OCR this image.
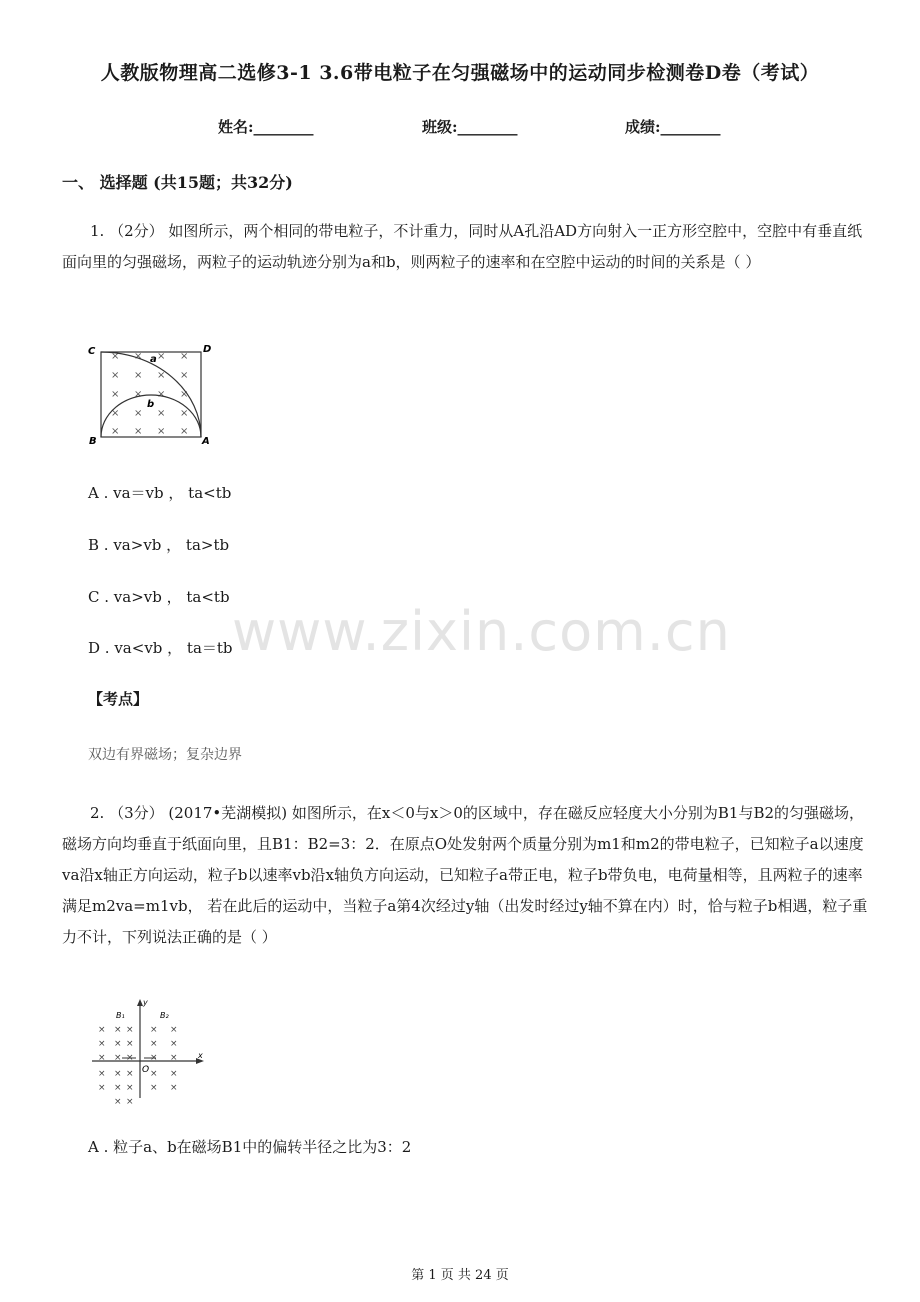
人教版物理高二选修3-1 3.6带电粒子在匀强磁场中的运动同步检测卷D卷（考试）
姓名:________	班级:________	成绩:________
一、 选择题 (共15题；共32分)
1. （2分） 如图所示，两个相同的带电粒子，不计重力，同时从A孔沿AD方向射入一正方形空腔中，空腔中有垂直纸面向里的匀强磁场，两粒子的运动轨迹分别为a和b，则两粒子的速率和在空腔中运动的时间的关系是（ ）
× × × ×
× × × ×
× × × ×
× × × ×
× × × ×
C	D
B	A
a
b
A . va＝vb ， ta<tb
B . va>vb ， ta>tb
C . va>vb ， ta<tb
D . va<vb ， ta＝tb www.zixin.com.cn
【考点】
双边有界磁场；复杂边界
2. （3分） (2017•芜湖模拟) 如图所示，在x＜0与x＞0的区域中，存在磁反应轻度大小分别为B1与B2的匀强磁场，磁场方向均垂直于纸面向里，且B1：B2=3：2．在原点O处发射两个质量分别为m1和m2的带电粒子，已知粒子a以速度va沿x轴正方向运动，粒子b以速率vb沿x轴负方向运动，已知粒子a带正电，粒子b带负电，电荷量相等，且两粒子的速率满足m2va=m1vb， 若在此后的运动中，当粒子a第4次经过y轴（出发时经过y轴不算在内）时，恰与粒子b相遇，粒子重力不计，下列说法正确的是（ ）
y
x
O
B₁	B₂
× × ×
× × ×
× × ×
× × ×
× × ×
× ×
× ×
× ×
× ×
× ×
× ×
A . 粒子a、b在磁场B1中的偏转半径之比为3：2
第 1 页 共 24 页
